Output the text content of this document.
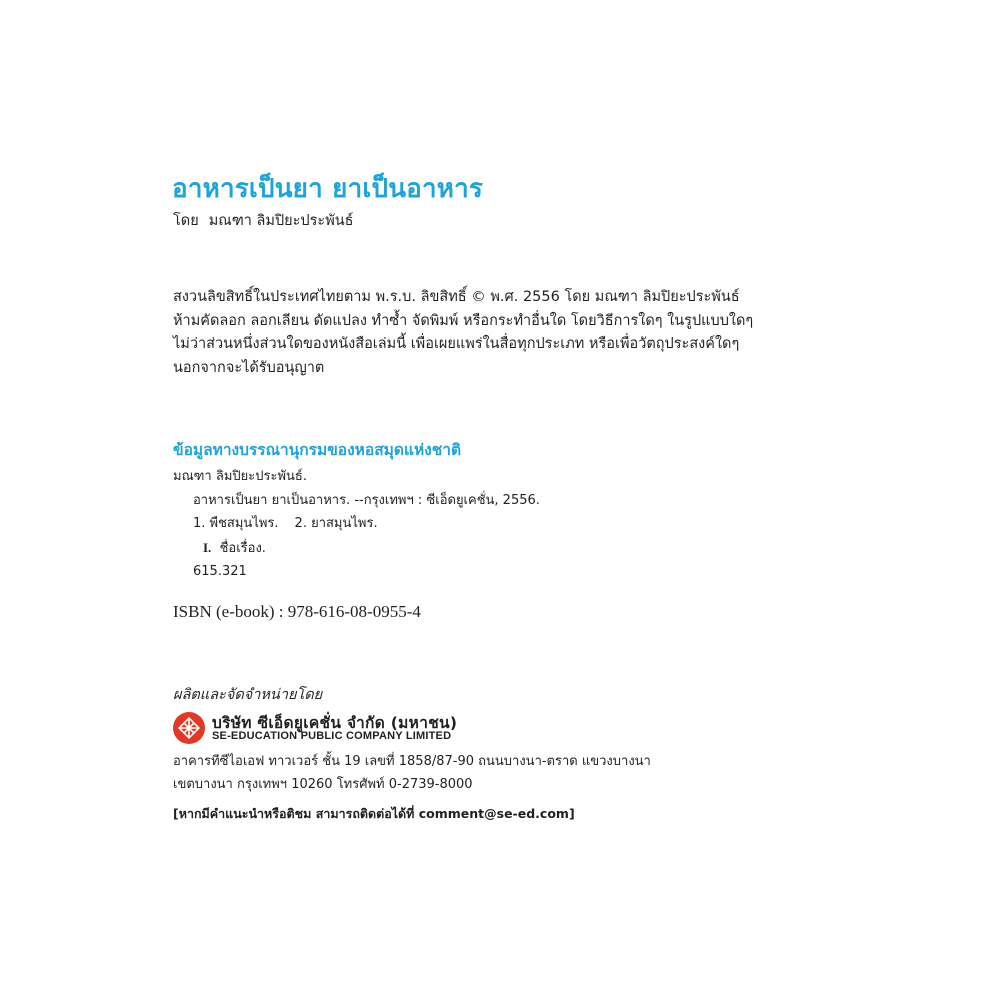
อาหารเป็นยา ยาเป็นอาหาร
โดย มณฑา ลิมปิยะประพันธ์
สงวนลิขสิทธิ์ในประเทศไทยตาม พ.ร.บ. ลิขสิทธิ์ © พ.ศ. 2556 โดย มณฑา ลิมปิยะประพันธ์
ห้ามคัดลอก ลอกเลียน ดัดแปลง ทำซ้ำ จัดพิมพ์ หรือกระทำอื่นใด โดยวิธีการใดๆ ในรูปแบบใดๆ
ไม่ว่าส่วนหนึ่งส่วนใดของหนังสือเล่มนี้ เพื่อเผยแพร่ในสื่อทุกประเภท หรือเพื่อวัตถุประสงค์ใดๆ
นอกจากจะได้รับอนุญาต
ข้อมูลทางบรรณานุกรมของหอสมุดแห่งชาติ
มณฑา ลิมปิยะประพันธ์.
อาหารเป็นยา ยาเป็นอาหาร. --กรุงเทพฯ : ซีเอ็ดยูเคชั่น, 2556.
1. พืชสมุนไพร. 2. ยาสมุนไพร.
I. ชื่อเรื่อง.
615.321
ISBN (e-book) : 978-616-08-0955-4
ผลิตและจัดจำหน่ายโดย
บริษัท ซีเอ็ดยูเคชั่น จำกัด (มหาชน)
SE-EDUCATION PUBLIC COMPANY LIMITED
อาคารทีซีไอเอฟ ทาวเวอร์ ชั้น 19 เลขที่ 1858/87-90 ถนนบางนา-ตราด แขวงบางนา
เขตบางนา กรุงเทพฯ 10260 โทรศัพท์ 0-2739-8000
[หากมีคำแนะนำหรือติชม สามารถติดต่อได้ที่ comment@se-ed.com]
